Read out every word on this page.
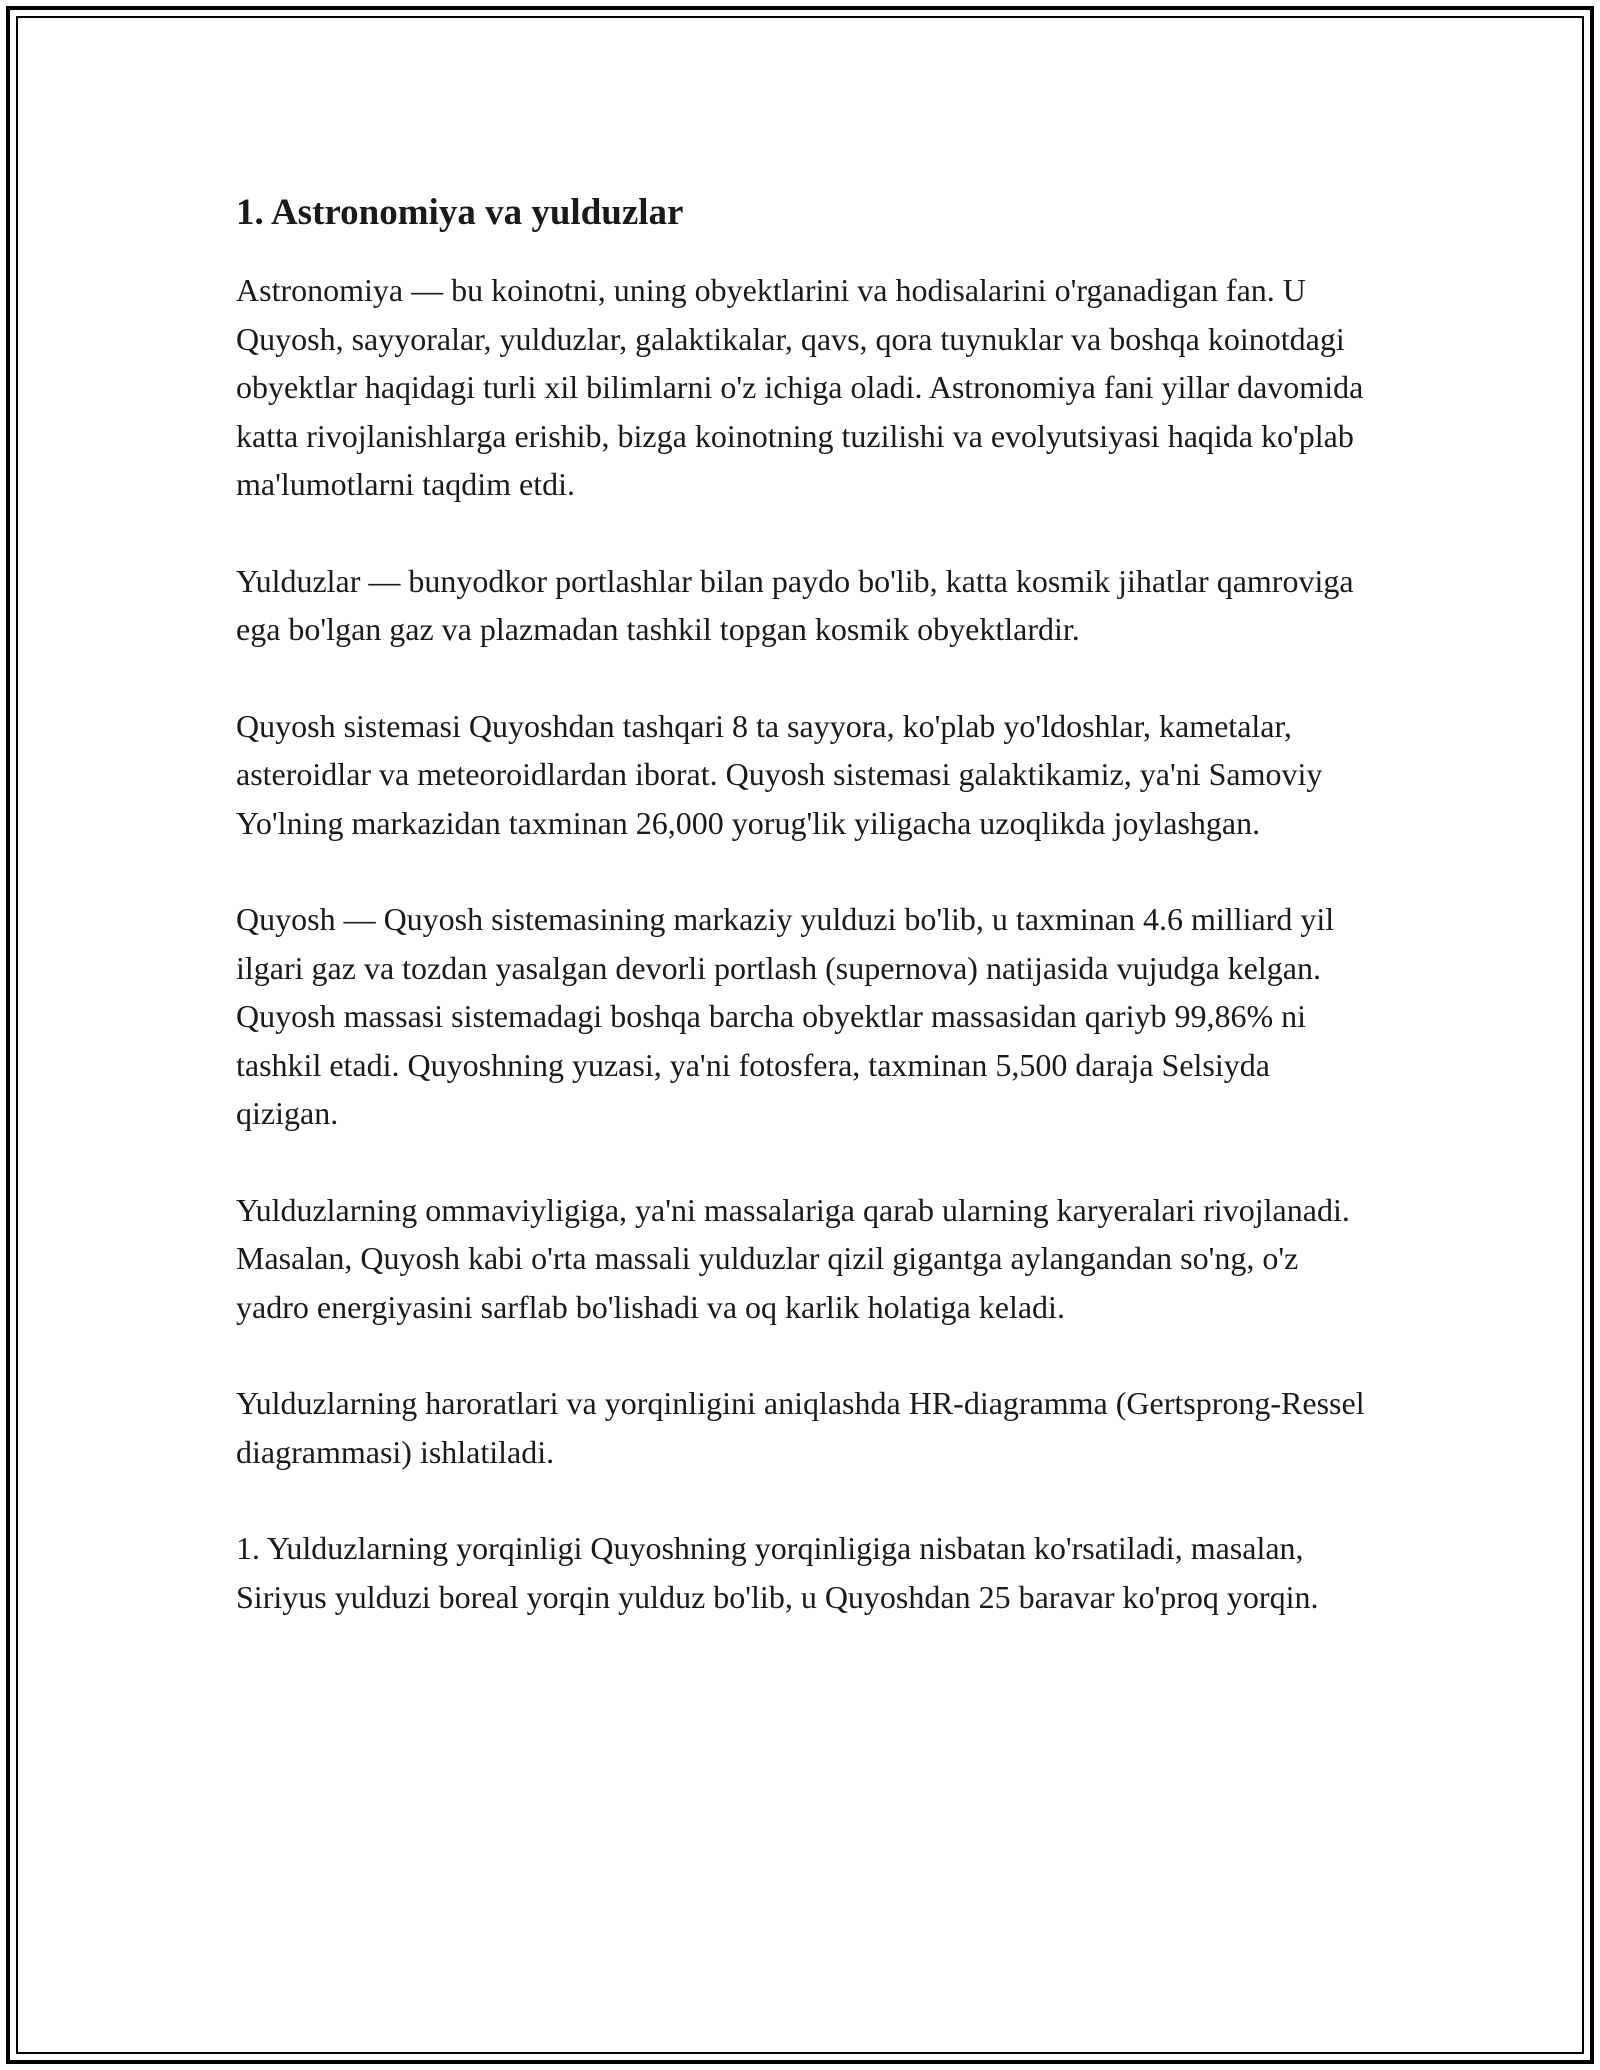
1. Astronomiya va yulduzlar

Astronomiya — bu koinotni, uning obyektlarini va hodisalarini o'rganadigan fan. U Quyosh, sayyoralar, yulduzlar, galaktikalar, qavs, qora tuynuklar va boshqa koinotdagi obyektlar haqidagi turli xil bilimlarni o'z ichiga oladi. Astronomiya fani yillar davomida katta rivojlanishlarga erishib, bizga koinotning tuzilishi va evolyutsiyasi haqida ko'plab ma'lumotlarni taqdim etdi.

Yulduzlar — bunyodkor portlashlar bilan paydo bo'lib, katta kosmik jihatlar qamroviga ega bo'lgan gaz va plazmadan tashkil topgan kosmik obyektlardir.

Quyosh sistemasi Quyoshdan tashqari 8 ta sayyora, ko'plab yo'ldoshlar, kametalar, asteroidlar va meteoroidlardan iborat. Quyosh sistemasi galaktikamiz, ya'ni Samoviy Yo'lning markazidan taxminan 26,000 yorug'lik yiligacha uzoqlikda joylashgan.

Quyosh — Quyosh sistemasining markaziy yulduzi bo'lib, u taxminan 4.6 milliard yil ilgari gaz va tozdan yasalgan devorli portlash (supernova) natijasida vujudga kelgan. Quyosh massasi sistemadagi boshqa barcha obyektlar massasidan qariyb 99,86% ni tashkil etadi. Quyoshning yuzasi, ya'ni fotosfera, taxminan 5,500 daraja Selsiyda qizigan.

Yulduzlarning ommaviyligiga, ya'ni massalariga qarab ularning karyeralari rivojlanadi. Masalan, Quyosh kabi o'rta massali yulduzlar qizil gigantga aylangandan so'ng, o'z yadro energiyasini sarflab bo'lishadi va oq karlik holatiga keladi.

Yulduzlarning haroratlari va yorqinligini aniqlashda HR-diagramma (Gertsprong-Ressel diagrammasi) ishlatiladi.

1. Yulduzlarning yorqinligi Quyoshning yorqinligiga nisbatan ko'rsatiladi, masalan, Siriyus yulduzi boreal yorqin yulduz bo'lib, u Quyoshdan 25 baravar ko'proq yorqin.
